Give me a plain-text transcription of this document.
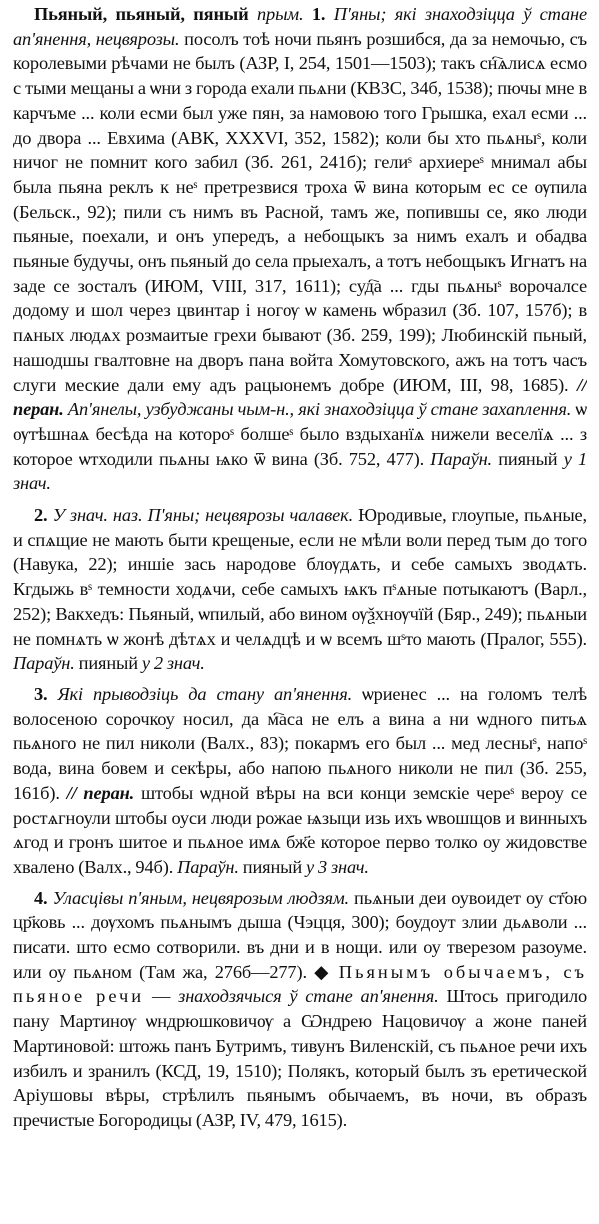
Пьяный, пьяный, пяный прым. 1. П'яны; які знаходзіцца ў стане ап'янення, нецвярозы. посолъ тоѣ ночи пьянъ розшибся, да за немочью, съ королевыми рѣчами не былъ (АЗР, I, 254, 1501—1503); такъ сн҇ѧлисѧ есмо с тыми мещаны а ѡни з города ехали пьѧни (КВЗС, 34б, 1538); пючы мне в карчъме ... коли есми был уже пян, за намовою того Грышка, ехал есми ... до двора ... Евхима (АВК, XXXVI, 352, 1582); коли бы хто пьѧныˢ, коли ничог не помнит кого забил (Зб. 261, 241б); гелиˢ архиереˢ мнимал абы была пьяна реклъ к неˢ претрезвися троха ѿ вина которым ес се ѹпила (Бельск., 92); пили съ нимъ въ Расной, тамъ же, попившы се, яко люди пьяные, поехали, и онъ упередъ, а небощыкъ за нимъ ехалъ и обадва пьяные будучы, онъ пьяный до села прыехалъ, а тотъ небощыкъ Игнатъ на заде се зосталъ (ИЮМ, VIII, 317, 1611); суд҇а ... гды пьѧныˢ ворочалсе додому и шол через цвинтар і ногѹ ѡ камень ѡбразил (Зб. 107, 157б); в пѧных людѧх розмаитые грехи бывают (Зб. 259, 199); Любинскій пьный, нашодшы гвалтовне на дворъ пана войта Хомутовского, ажъ на тотъ часъ слуги меские дали ему адъ рацыонемъ добре (ИЮМ, III, 98, 1685). // перан. Ап'янелы, узбуджаны чым-н., які знаходзіцца ў стане захаплення. ѡ ѹтѣшнаѧ бесѣда на котороˢ болшеˢ было вздыханїѧ нижели веселїѧ ... з которое ѡтходили пьѧны ѩко ѿ вина (Зб. 752, 477). Параўн. пияный у 1 знач.

2. У знач. наз. П'яны; нецвярозы чалавек. Юродивые, глоупые, пьѧные, и спѧщие не мають быти крещеные, если не мѣли воли перед тым до того (Навука, 22); иншіе зась народове блѹдѧть, и себе самыхъ зводѧть. Кгдыжь вˢ темности ходѧчи, себе самыхъ ѩкъ пˢѧные потыкаютъ (Варл., 252); Вакхедъ: Пьяный, ѡпилый, або вином ѹѯхнѹчїй (Бяр., 249); пьѧныи не помнѧть ѡ жонѣ дѣтѧх и челѧдцѣ и ѡ всемъ шˢто мають (Пралог, 555). Параўн. пияный у 2 знач.

3. Які прыводзіць да стану ап'янення. ѡриенес ... на голомъ телѣ волосеною сорочкоу носил, да м҇аса не елъ а вина а ни ѡдного питьѧ пьѧного не пил николи (Валх., 83); покармъ его был ... мед лесныˢ, напоˢ вода, вина бовем и секѣры, або напою пьѧного николи не пил (Зб. 255, 161б). // перан. штобы ѡдной вѣры на вси конци земскіе череˢ вероу се ростѧгноули штобы оуси люди рожае ѩзыци изь ихъ ѡвошщов и винныхъ ѧгод и гронъ шитое и пьѧное имѧ бж҃е которое перво толко оу жидовстве хвалено (Валх., 94б). Параўн. пияный у 3 знач.

4. Уласцівы п'яным, нецвярозым людзям. пьѧныи деи оувоидет оу ст҃ою цр҃ковь ... дѹхомъ пьѧнымъ дыша (Чэцця, 300); боудоут злии дьѧволи ... писати. што есмо сотворили. въ дни и в нощи. или оу тверезом разоуме. или оу пьѧном (Там жа, 276б—277). ◆ Пьянымъ обычаемъ, съ пьяное речи — знаходзячыся ў стане ап'янення. Штось пригодило пану Мартинѹ ѡндрюшковичѹ а Ѡндрею Нацовичѹ а жоне паней Мартиновой: штожь панъ Бутримъ, тивунъ Виленскій, съ пьѧное речи ихъ избилъ и зранилъ (КСД, 19, 1510); Полякъ, который былъ зъ еретической Аріушовы вѣры, стрѣлилъ пьянымъ обычаемъ, въ ночи, въ образъ пречистые Богородицы (АЗР, IV, 479, 1615).
